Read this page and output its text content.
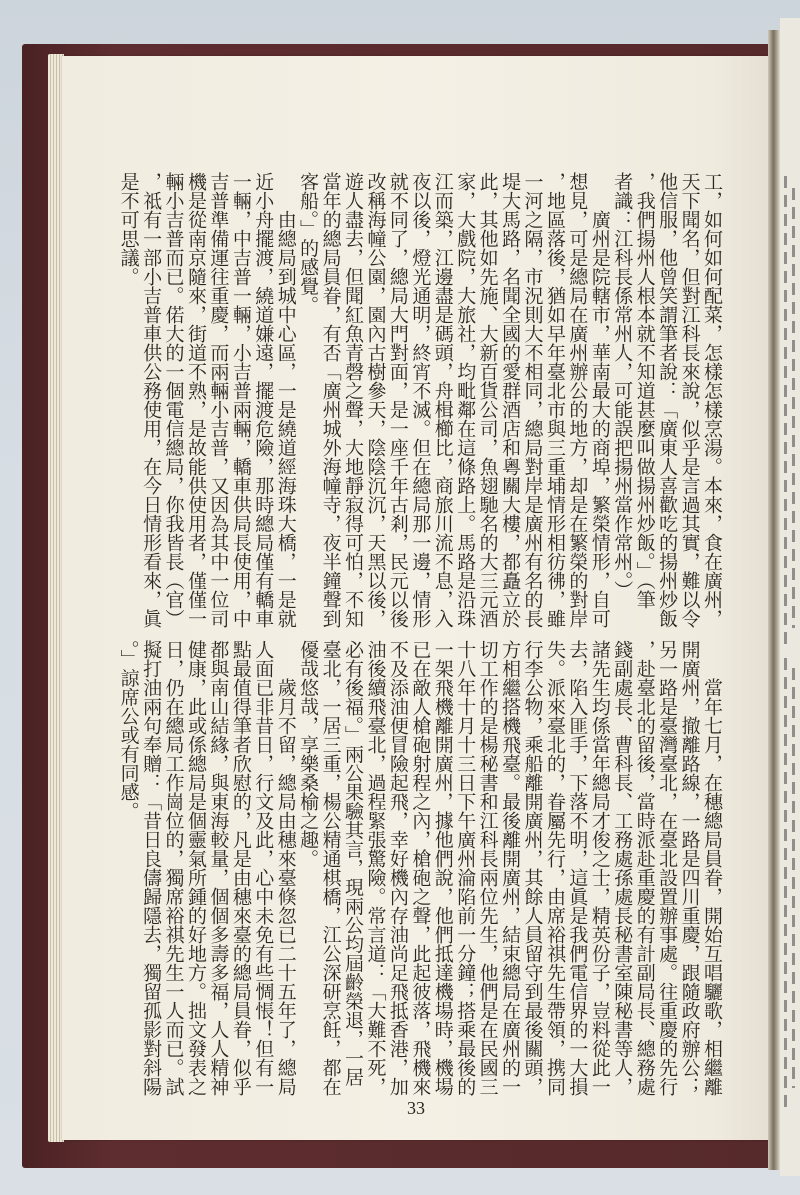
工，如何如何配菜，怎樣怎樣烹湯。本來，食在廣州，
天下聞名，但對江科長來說，似乎是言過其實，難以令
他信服，他曾笑謂筆者說：「廣東人喜歡吃的揚州炒飯
，我們揚州人根本就不知道甚麼叫做揚州炒飯。」（筆
者識：江科長係常州人，可能誤把揚州當作常州。）
廣州是院轄市，華南最大的商埠，繁榮情形，自可
想見，可是總局在廣州辦公的地方，却是在繁榮的對岸
，地區落後，猶如早年臺北市與三重埔情形相彷彿，雖
一河之隔，市況則大不相同，總局對岸是廣州有名的長
堤大馬路，名聞全國的愛群酒店和粵關大樓，都矗立於
此，其他如先施、大新百貨公司，魚翅馳名的大三元酒
家，大戲院，大旅社，均毗鄰在這條路上。馬路是沿珠
江而築，江邊盡是碼頭，舟楫櫛比，商旅川流不息，入
夜以後，燈光通明，終宵不滅。但在總局那一邊，情形
就不同了，總局大門對面，是一座千年古剎，民元以後
改稱海幢公園，園內古樹參天，陰陰沉沉，天黑以後，
遊人盡去，但聞紅魚青磬之聲，大地靜寂得可怕，不知
當年的總局員眷，有否「廣州城外海幢寺，夜半鐘聲到
客船。」的感覺。
由總局到城中心區，一是繞道經海珠大橋，一是就
近小舟擺渡，繞道嫌遠，擺渡危險，那時總局僅有轎車
一輛，中吉普一輛，小吉普兩輛，轎車供局長使用，中
吉普準備運往重慶，而兩輛小吉普，又因為其中一位司
機是從南京隨來，街道不熟，是故能供使用者，僅僅一
輛小吉普而已。偌大的一個電信總局，你我皆長（官）
，祗有一部小吉普車供公務使用，在今日情形看來，眞
是不可思議。
當年七月，在穗總局員眷，開始互唱驪歌，相繼離
開廣州，撤離路線，一路是四川重慶，跟隨政府辦公；
另一路是臺灣臺北，在臺北設置辦事處。往重慶的先行
，赴臺北的留後，當時派赴重慶的有計副局長、總務處
錢副處長、曹科長、工務處孫處長秘書室陳秘書等人，
諸先生均係當年總局才俊之士，精英份子，豈料從此一
去，陷入匪手，下落不明，這眞是我們電信界的一大損
失。派來臺北的，眷屬先行，由席裕祺先生帶領，携同
行李公物，乘船離開廣州，其餘人員留守到最後關頭，
方相繼搭機飛臺。最後離開廣州，結束總局在廣州的一
切工作的是楊秘書和江科長兩位先生，他們是在民國三
十八年十月十三日下午廣州淪陷前一分鐘；搭乘最後的
一架飛機離開廣州，據他們說，他們抵達機場時，機場
已在敵人槍砲射程之內，槍砲之聲，此起彼落，飛機來
不及添油便冒險起飛，幸好機內存油尚足飛抵香港，加
油後續飛臺北，過程緊張驚險。常言道：「大難不死，
必有後福。」兩公果驗其言，現兩公均屆齡榮退，一居
臺北，一居三重，楊公精通棋橋，江公深研烹飪，都在
優哉悠哉，享樂桑榆之趣。
歲月不留，總局由穗來臺倏忽已二十五年了，總局
人面已非昔日，行文及此，心中未免有些惆悵！但有一
點最值得筆者欣慰的，凡是由穗來臺的總局員眷，似乎
都與南山結緣，與東海較量，個個多壽多福，人人精神
健康，此或係總局是個靈氣所鍾的好地方。拙文發表之
日，仍在總局工作崗位的，獨席裕祺先生一人而已。試
擬打油兩句奉贈：「昔日良儔歸隱去，獨留孤影對斜陽
。」諒席公或有同感。
33
